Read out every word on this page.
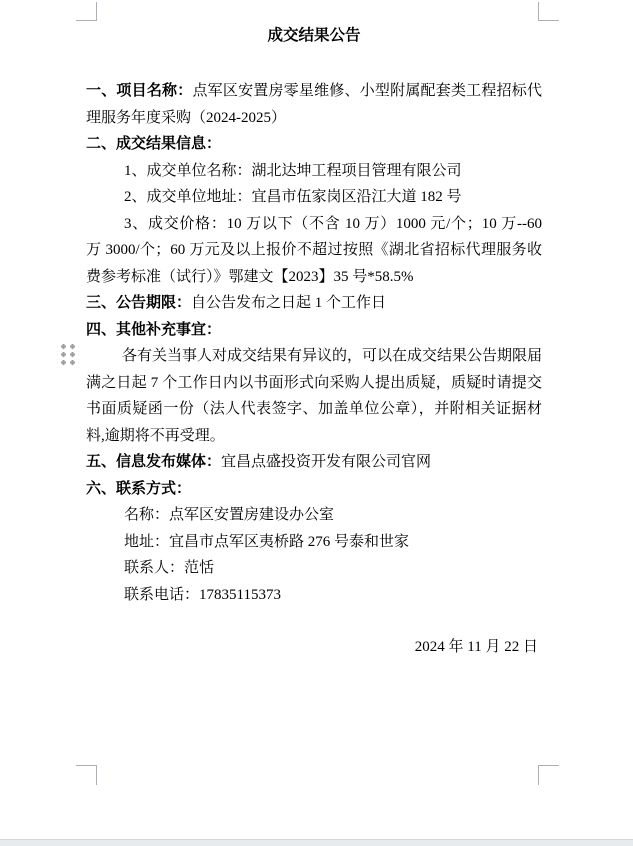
成交结果公告

一、项目名称：点军区安置房零星维修、小型附属配套类工程招标代理服务年度采购（2024-2025）

二、成交结果信息：

1、成交单位名称：湖北达坤工程项目管理有限公司

2、成交单位地址：宜昌市伍家岗区沿江大道 182 号

3、成交价格：10 万以下（不含 10 万）1000 元/个；10 万--60 万 3000/个；60 万元及以上报价不超过按照《湖北省招标代理服务收费参考标准（试行）》鄂建文【2023】35 号*58.5%

三、公告期限：自公告发布之日起 1 个工作日

四、其他补充事宜：

各有关当事人对成交结果有异议的，可以在成交结果公告期限届满之日起 7 个工作日内以书面形式向采购人提出质疑，质疑时请提交书面质疑函一份（法人代表签字、加盖单位公章），并附相关证据材料,逾期将不再受理。

五、信息发布媒体：宜昌点盛投资开发有限公司官网

六、联系方式：

名称：点军区安置房建设办公室

地址：宜昌市点军区夷桥路 276 号泰和世家

联系人：范恬

联系电话：17835115373

2024 年 11 月 22 日
